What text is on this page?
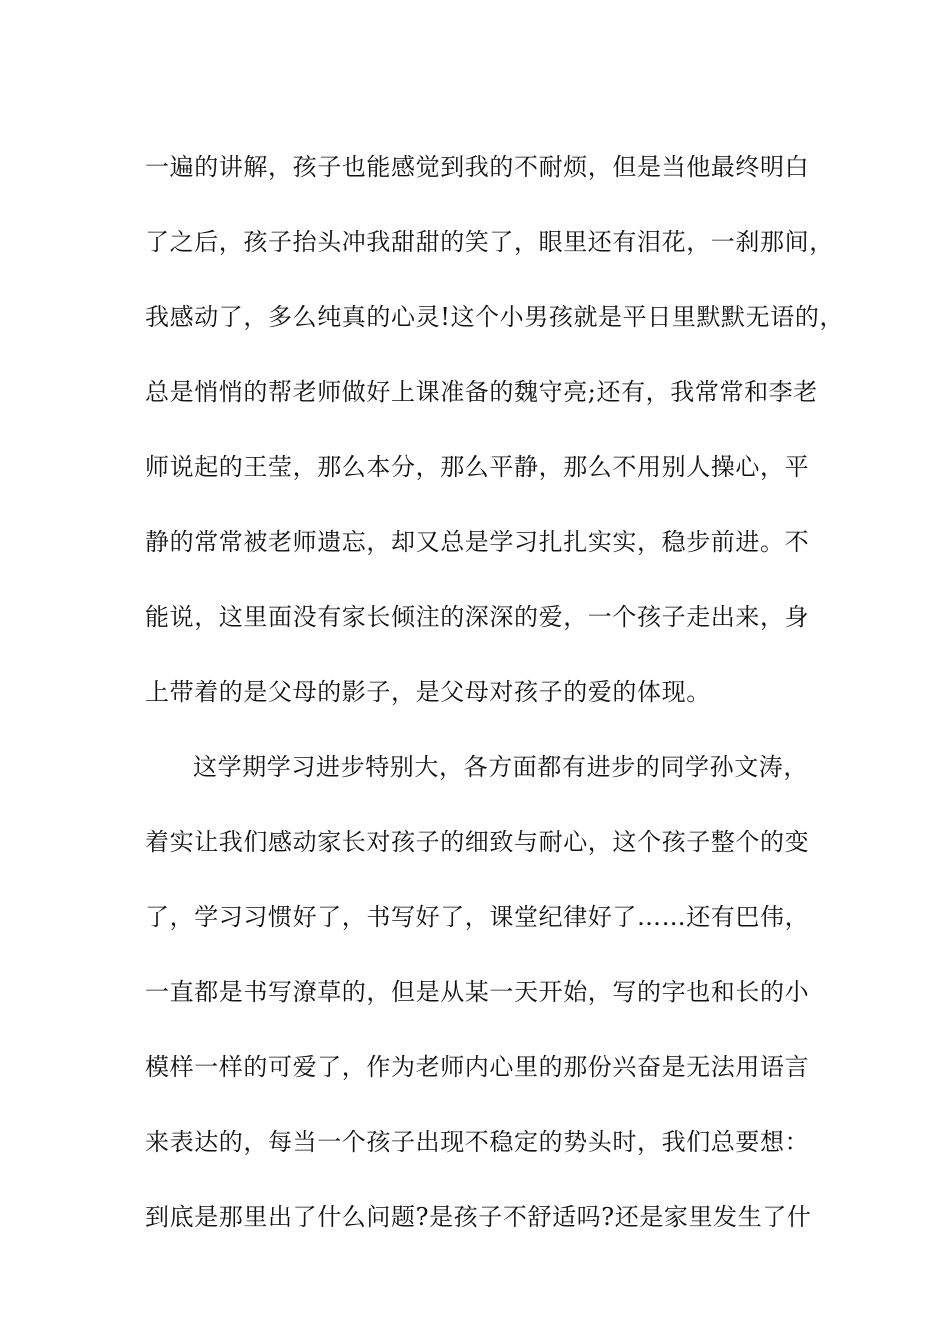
一遍的讲解，孩子也能感觉到我的不耐烦，但是当他最终明白
了之后，孩子抬头冲我甜甜的笑了，眼里还有泪花，一刹那间，
我感动了，多么纯真的心灵!这个小男孩就是平日里默默无语的，
总是悄悄的帮老师做好上课准备的魏守亮;还有，我常常和李老
师说起的王莹，那么本分，那么平静，那么不用别人操心，平
静的常常被老师遗忘，却又总是学习扎扎实实，稳步前进。不
能说，这里面没有家长倾注的深深的爱，一个孩子走出来，身
上带着的是父母的影子，是父母对孩子的爱的体现。
这学期学习进步特别大，各方面都有进步的同学孙文涛，
着实让我们感动家长对孩子的细致与耐心，这个孩子整个的变
了，学习习惯好了，书写好了，课堂纪律好了……还有巴伟，
一直都是书写潦草的，但是从某一天开始，写的字也和长的小
模样一样的可爱了，作为老师内心里的那份兴奋是无法用语言
来表达的，每当一个孩子出现不稳定的势头时，我们总要想：
到底是那里出了什么问题?是孩子不舒适吗?还是家里发生了什
